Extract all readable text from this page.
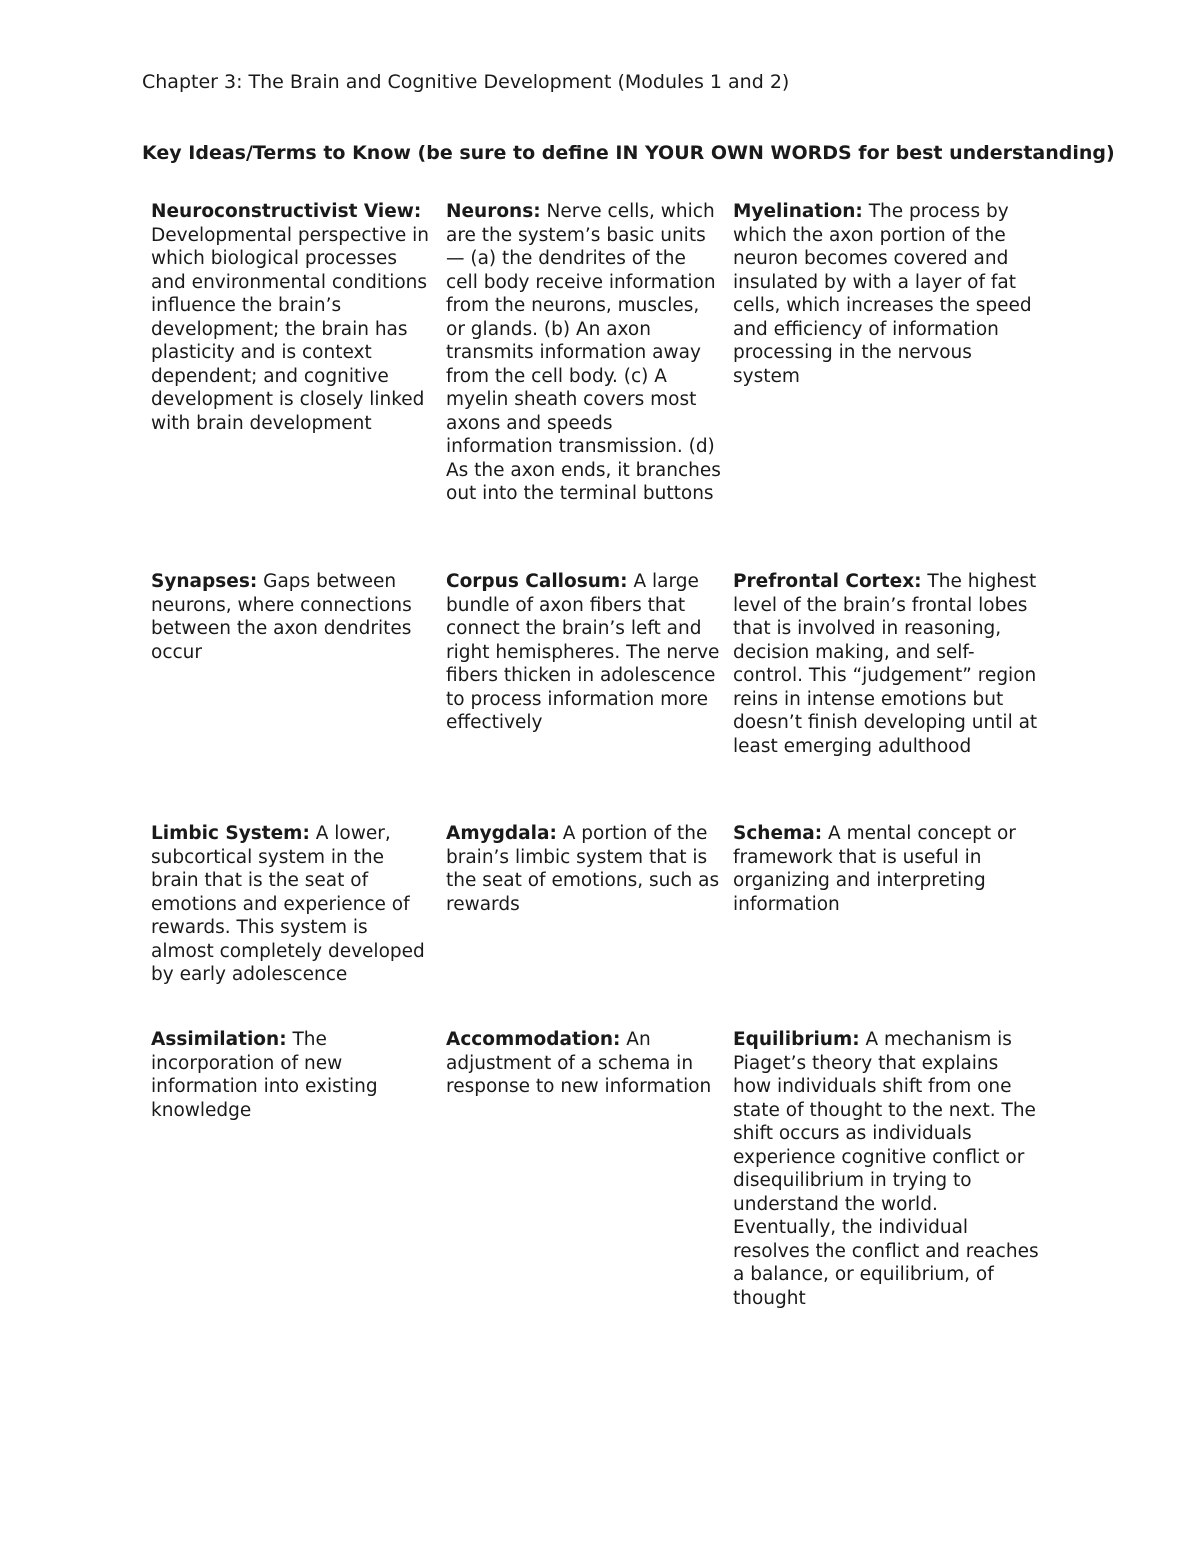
Chapter 3: The Brain and Cognitive Development (Modules 1 and 2)
Key Ideas/Terms to Know (be sure to define IN YOUR OWN WORDS for best understanding)
Neuroconstructivist View: Developmental perspective in which biological processes and environmental conditions influence the brain’s development; the brain has plasticity and is context dependent; and cognitive development is closely linked with brain development
Neurons: Nerve cells, which are the system’s basic units — (a) the dendrites of the cell body receive information from the neurons, muscles, or glands. (b) An axon transmits information away from the cell body. (c) A myelin sheath covers most axons and speeds information transmission. (d) As the axon ends, it branches out into the terminal buttons
Myelination: The process by which the axon portion of the neuron becomes covered and insulated by with a layer of fat cells, which increases the speed and efficiency of information processing in the nervous system
Synapses: Gaps between neurons, where connections between the axon dendrites occur
Corpus Callosum: A large bundle of axon fibers that connect the brain’s left and right hemispheres. The nerve fibers thicken in adolescence to process information more effectively
Prefrontal Cortex: The highest level of the brain’s frontal lobes that is involved in reasoning, decision making, and self-control. This “judgement” region reins in intense emotions but doesn’t finish developing until at least emerging adulthood
Limbic System: A lower, subcortical system in the brain that is the seat of emotions and experience of rewards. This system is almost completely developed by early adolescence
Amygdala: A portion of the brain’s limbic system that is the seat of emotions, such as rewards
Schema: A mental concept or framework that is useful in organizing and interpreting information
Assimilation: The incorporation of new information into existing knowledge
Accommodation: An adjustment of a schema in response to new information
Equilibrium: A mechanism is Piaget’s theory that explains how individuals shift from one state of thought to the next. The shift occurs as individuals experience cognitive conflict or disequilibrium in trying to understand the world. Eventually, the individual resolves the conflict and reaches a balance, or equilibrium, of thought
